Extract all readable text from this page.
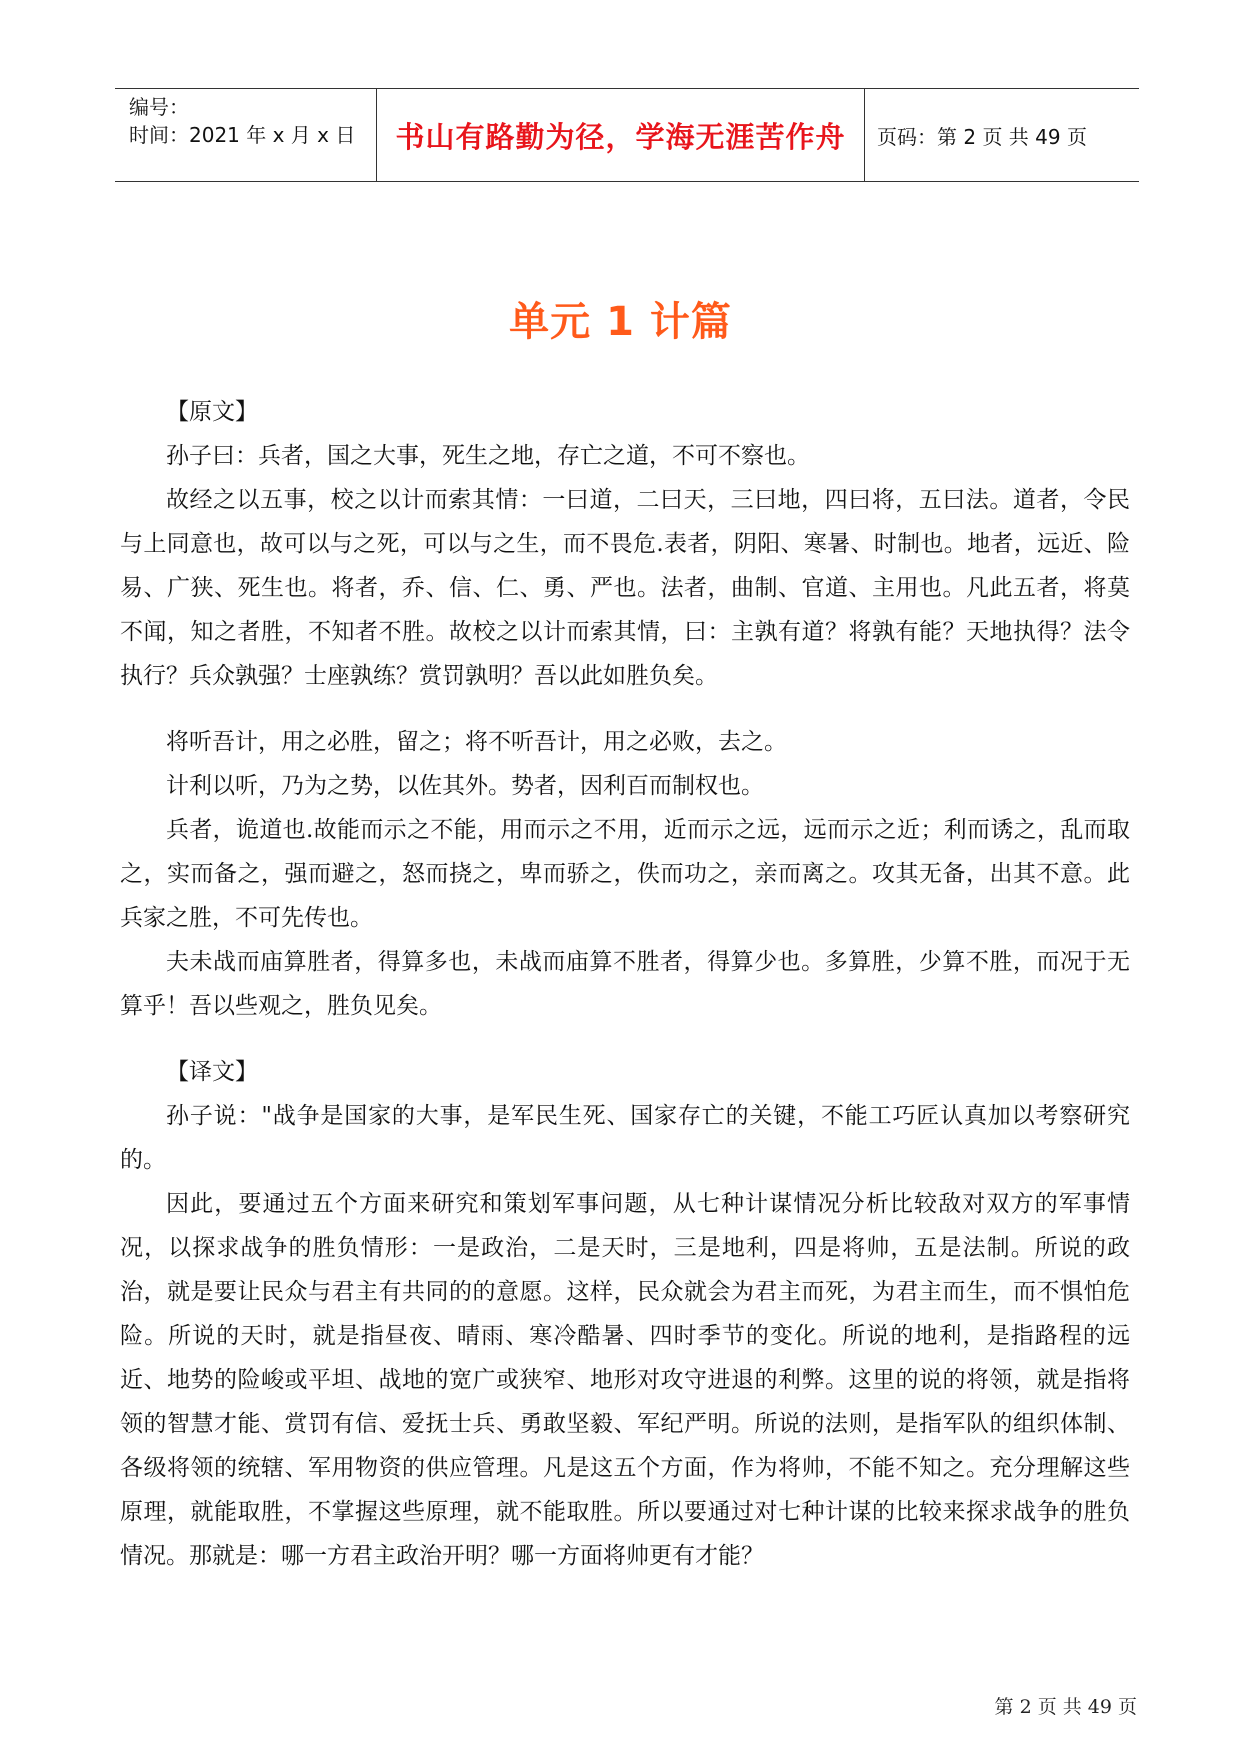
编号：
时间：2021 年 x 月 x 日	书山有路勤为径，学海无涯苦作舟	页码：第 2 页 共 49 页
单元 1 计篇

【原文】

孙子曰：兵者，国之大事，死生之地，存亡之道，不可不察也。

故经之以五事，校之以计而索其情：一曰道，二曰天，三曰地，四曰将，五曰法。道者，令民与上同意也，故可以与之死，可以与之生，而不畏危.表者，阴阳、寒暑、时制也。地者，远近、险易、广狭、死生也。将者，乔、信、仁、勇、严也。法者，曲制、官道、主用也。凡此五者，将莫不闻，知之者胜，不知者不胜。故校之以计而索其情，曰：主孰有道？将孰有能？天地执得？法令执行？兵众孰强？士座孰练？赏罚孰明？吾以此如胜负矣。

将听吾计，用之必胜，留之；将不听吾计，用之必败，去之。

计利以听，乃为之势，以佐其外。势者，因利百而制权也。

兵者，诡道也.故能而示之不能，用而示之不用，近而示之远，远而示之近；利而诱之，乱而取之，实而备之，强而避之，怒而挠之，卑而骄之，佚而功之，亲而离之。攻其无备，出其不意。此兵家之胜，不可先传也。

夫未战而庙算胜者，得算多也，未战而庙算不胜者，得算少也。多算胜，少算不胜，而况于无算乎！吾以些观之，胜负见矣。

【译文】

孙子说："战争是国家的大事，是军民生死、国家存亡的关键，不能工巧匠认真加以考察研究的。

因此，要通过五个方面来研究和策划军事问题，从七种计谋情况分析比较敌对双方的军事情况，以探求战争的胜负情形：一是政治，二是天时，三是地利，四是将帅，五是法制。所说的政治，就是要让民众与君主有共同的的意愿。这样，民众就会为君主而死，为君主而生，而不惧怕危险。所说的天时，就是指昼夜、晴雨、寒冷酷暑、四时季节的变化。所说的地利，是指路程的远近、地势的险峻或平坦、战地的宽广或狭窄、地形对攻守进退的利弊。这里的说的将领，就是指将领的智慧才能、赏罚有信、爱抚士兵、勇敢坚毅、军纪严明。所说的法则，是指军队的组织体制、各级将领的统辖、军用物资的供应管理。凡是这五个方面，作为将帅，不能不知之。充分理解这些原理，就能取胜，不掌握这些原理，就不能取胜。所以要通过对七种计谋的比较来探求战争的胜负情况。那就是：哪一方君主政治开明？哪一方面将帅更有才能？

第 2 页 共 49 页
